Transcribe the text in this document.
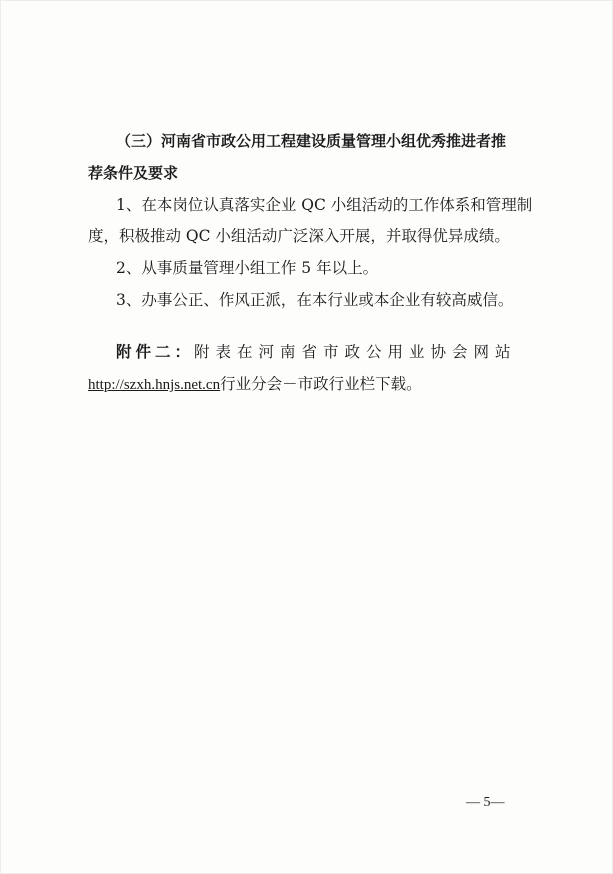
（三）河南省市政公用工程建设质量管理小组优秀推进者推
荐条件及要求
1、在本岗位认真落实企业 QC 小组活动的工作体系和管理制
度，积极推动 QC 小组活动广泛深入开展，并取得优异成绩。
2、从事质量管理小组工作 5 年以上。
3、办事公正、作风正派，在本行业或本企业有较高威信。
附件二：附表在河南省市政公用业协会网站
http://szxh.hnjs.net.cn行业分会－市政行业栏下载。
— 5—
